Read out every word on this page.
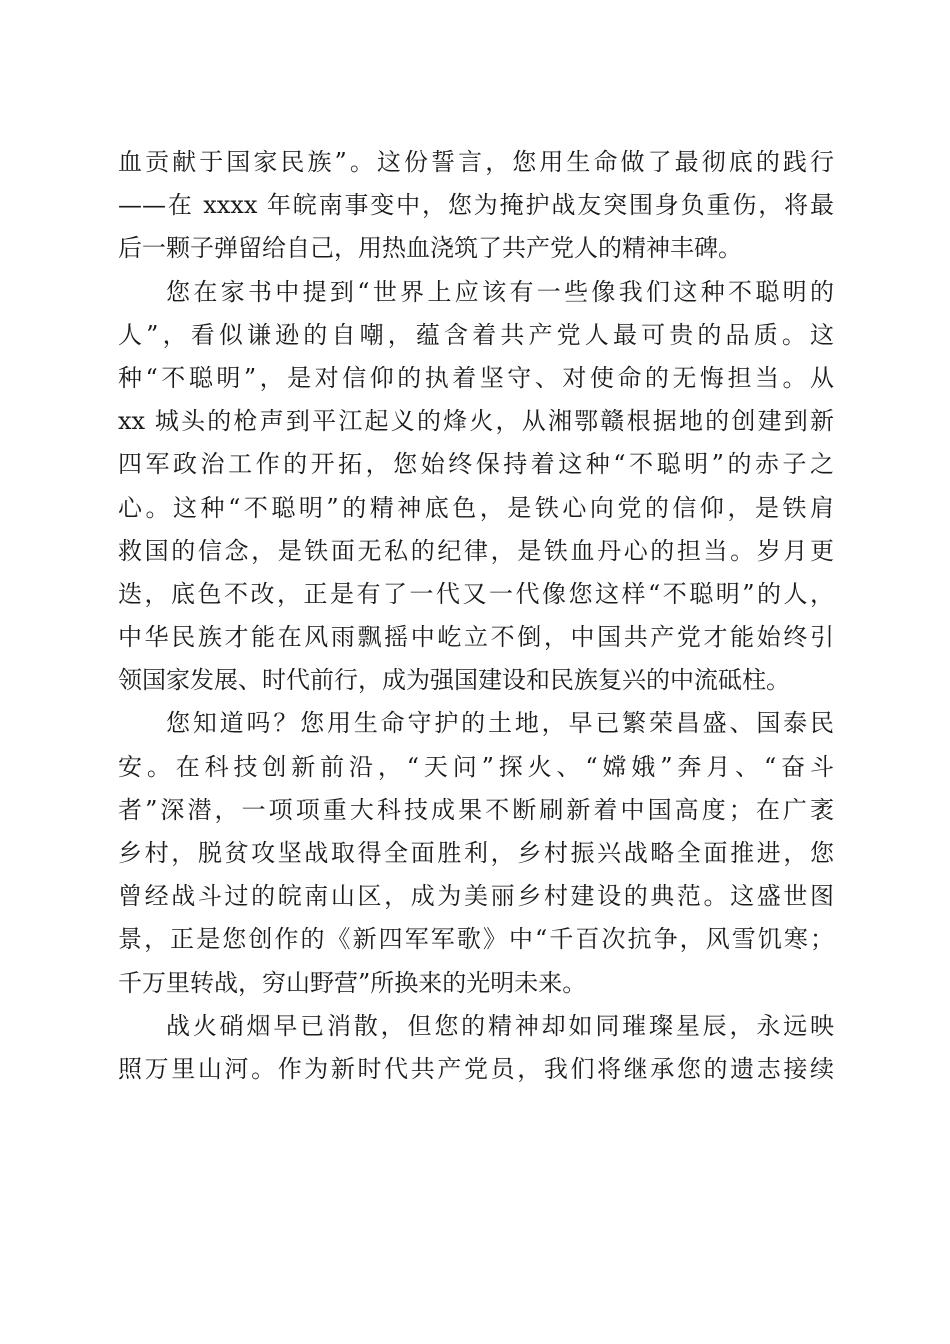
血贡献于国家民族”。这份誓言，您用生命做了最彻底的践行
——在 xxxx 年皖南事变中，您为掩护战友突围身负重伤，将最
后一颗子弹留给自己，用热血浇筑了共产党人的精神丰碑。
您在家书中提到“世界上应该有一些像我们这种不聪明的
人”，看似谦逊的自嘲，蕴含着共产党人最可贵的品质。这
种“不聪明”，是对信仰的执着坚守、对使命的无悔担当。从
xx 城头的枪声到平江起义的烽火，从湘鄂赣根据地的创建到新
四军政治工作的开拓，您始终保持着这种“不聪明”的赤子之
心。这种“不聪明”的精神底色，是铁心向党的信仰，是铁肩
救国的信念，是铁面无私的纪律，是铁血丹心的担当。岁月更
迭，底色不改，正是有了一代又一代像您这样“不聪明”的人，
中华民族才能在风雨飘摇中屹立不倒，中国共产党才能始终引
领国家发展、时代前行，成为强国建设和民族复兴的中流砥柱。
您知道吗？您用生命守护的土地，早已繁荣昌盛、国泰民
安。在科技创新前沿，“天问”探火、“嫦娥”奔月、“奋斗
者”深潜，一项项重大科技成果不断刷新着中国高度；在广袤
乡村，脱贫攻坚战取得全面胜利，乡村振兴战略全面推进，您
曾经战斗过的皖南山区，成为美丽乡村建设的典范。这盛世图
景，正是您创作的《新四军军歌》中“千百次抗争，风雪饥寒；
千万里转战，穷山野营”所换来的光明未来。
战火硝烟早已消散，但您的精神却如同璀璨星辰，永远映
照万里山河。作为新时代共产党员，我们将继承您的遗志接续
